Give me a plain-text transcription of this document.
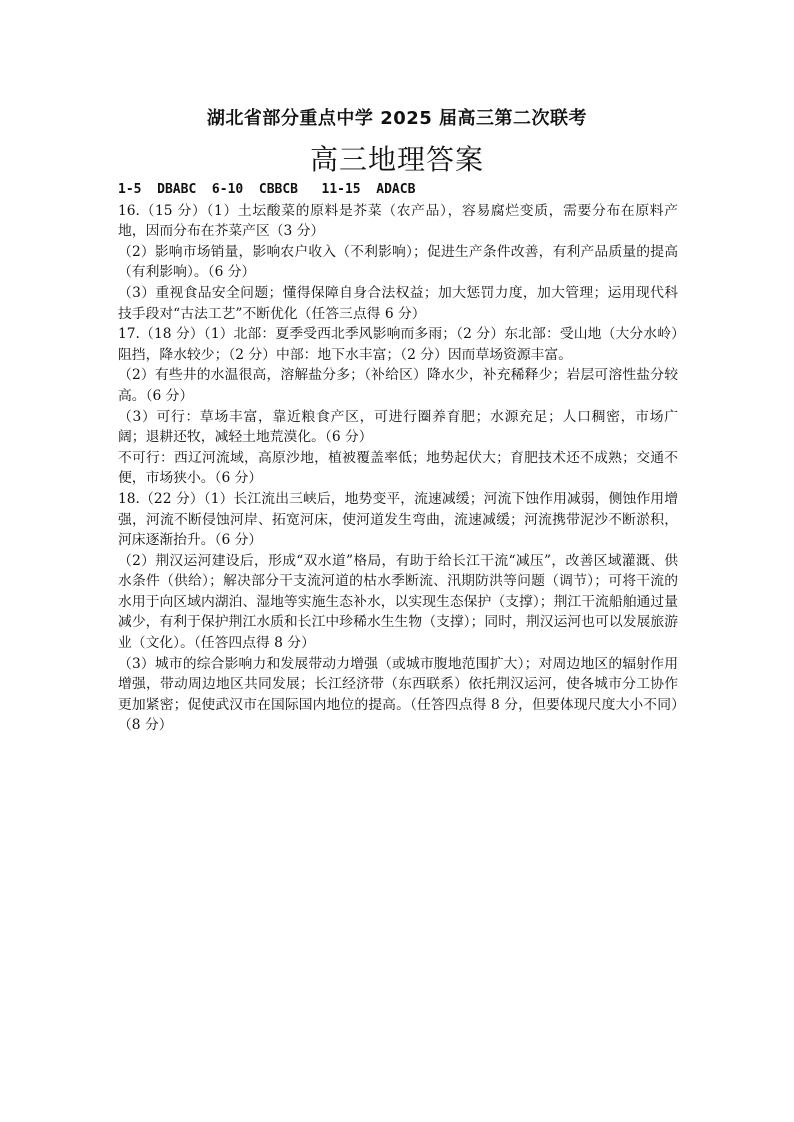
湖北省部分重点中学 2025 届高三第二次联考
高三地理答案
1-5  DBABC  6-10  CBBCB   11-15  ADACB

16.（15 分）（1）土坛酸菜的原料是芥菜（农产品），容易腐烂变质，需要分布在原料产地，因而分布在芥菜产区（3 分）

（2）影响市场销量，影响农户收入（不利影响）；促进生产条件改善，有利产品质量的提高（有利影响）。（6 分）

（3）重视食品安全问题；懂得保障自身合法权益；加大惩罚力度，加大管理；运用现代科技手段对“古法工艺”不断优化（任答三点得 6 分）

17.（18 分）（1）北部：夏季受西北季风影响而多雨；（2 分）东北部：受山地（大分水岭）阻挡，降水较少；（2 分）中部：地下水丰富；（2 分）因而草场资源丰富。

（2）有些井的水温很高，溶解盐分多；（补给区）降水少，补充稀释少；岩层可溶性盐分较高。（6 分）

（3）可行：草场丰富，靠近粮食产区，可进行圈养育肥；水源充足；人口稠密，市场广阔；退耕还牧，减轻土地荒漠化。（6 分）

不可行：西辽河流域，高原沙地，植被覆盖率低；地势起伏大；育肥技术还不成熟；交通不便，市场狭小。（6 分）

18.（22 分）（1）长江流出三峡后，地势变平，流速减缓；河流下蚀作用减弱，侧蚀作用增强，河流不断侵蚀河岸、拓宽河床，使河道发生弯曲，流速减缓；河流携带泥沙不断淤积，河床逐渐抬升。（6 分）

（2）荆汉运河建设后，形成“双水道”格局，有助于给长江干流“减压”，改善区域灌溉、供水条件（供给）；解决部分干支流河道的枯水季断流、汛期防洪等问题（调节）；可将干流的水用于向区域内湖泊、湿地等实施生态补水，以实现生态保护（支撑）；荆江干流船舶通过量减少，有利于保护荆江水质和长江中珍稀水生生物（支撑）；同时，荆汉运河也可以发展旅游业（文化）。（任答四点得 8 分）

（3）城市的综合影响力和发展带动力增强（或城市腹地范围扩大）；对周边地区的辐射作用增强，带动周边地区共同发展；长江经济带（东西联系）依托荆汉运河，使各城市分工协作更加紧密；促使武汉市在国际国内地位的提高。（任答四点得 8 分，但要体现尺度大小不同）（8 分）
